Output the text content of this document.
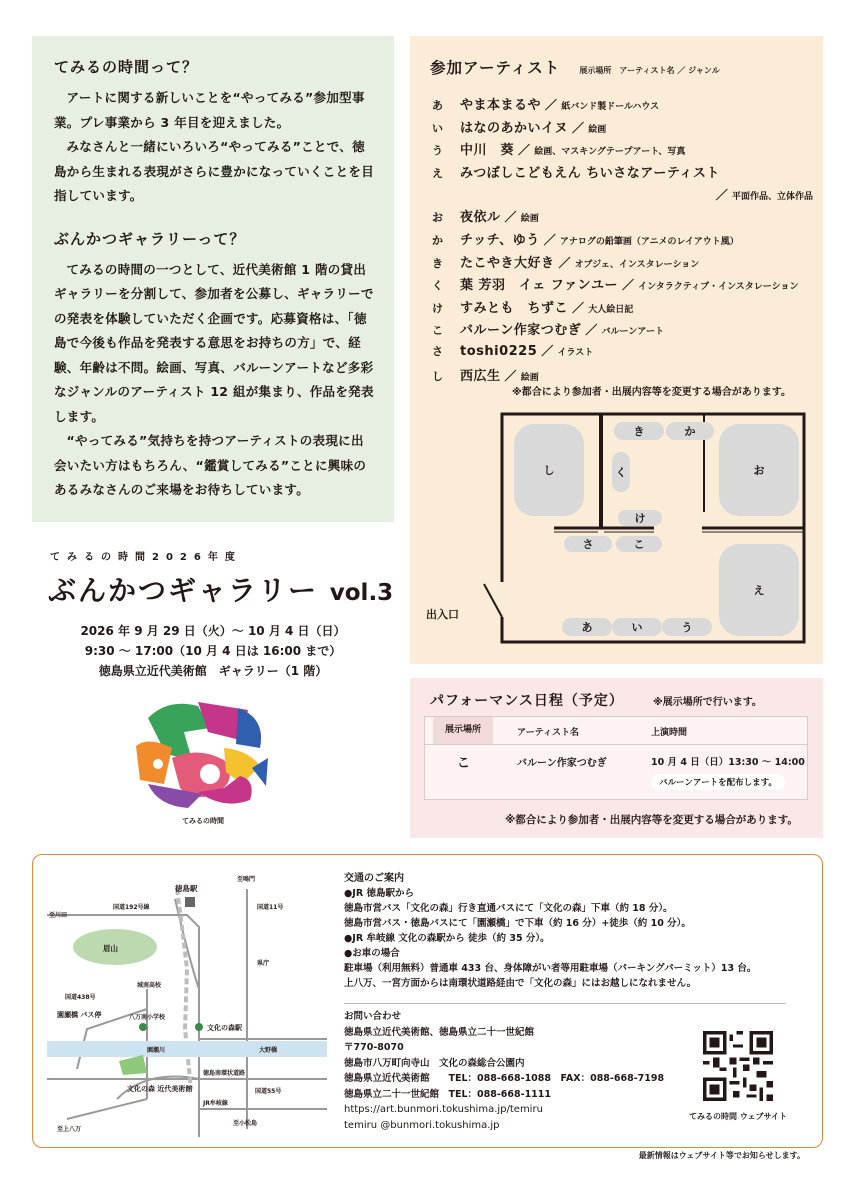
てみるの時間って？

アートに関する新しいことを“やってみる”参加型事業。プレ事業から 3 年目を迎えました。

みなさんと一緒にいろいろ“やってみる”ことで、徳島から生まれる表現がさらに豊かになっていくことを目指しています。

ぶんかつギャラリーって？

てみるの時間の一つとして、近代美術館 1 階の貸出ギャラリーを分割して、参加者を公募し、ギャラリーでの発表を体験していただく企画です。応募資格は、「徳島で今後も作品を発表する意思をお持ちの方」で、経験、年齢は不問。絵画、写真、バルーンアートなど多彩なジャンルのアーティスト 12 組が集まり、作品を発表します。

“やってみる”気持ちを持つアーティストの表現に出会いたい方はもちろん、“鑑賞してみる”ことに興味のあるみなさんのご来場をお待ちしています。

参加アーティスト 展示場所　アーティスト名 ／ ジャンル
あ	やま本まるや	／ 紙バンド製ドールハウス
い	はなのあかいイヌ	／ 絵画
う	中川　葵	／ 絵画、マスキングテープアート、写真
え	みつぼしこどもえん ちいさなアーティスト
／ 平面作品、立体作品
お	夜依ル	／ 絵画
か	チッチ、ゆう	／ アナログの鉛筆画（アニメのレイアウト風）
き	たこやき大好き	／ オブジェ、インスタレーション
く	葉 芳羽　イェ ファンユー	／ インタラクティブ・インスタレーション
け	すみとも　ちずこ	／ 大人絵日記
こ	バルーン作家つむぎ	／ バルーンアート
さ	toshi0225	／ イラスト
し	西広生	／ 絵画
※都合により参加者・出展内容等を変更する場合があります。
し	お
え
き	か
く
け
さ	こ
あ	い	う
出入口
てみるの時間2026年度
ぶんかつギャラリー vol.3
2026 年 9 月 29 日（火）〜 10 月 4 日（日）
9:30 〜 17:00（10 月 4 日は 16:00 まで）
徳島県立近代美術館　ギャラリー（1 階）
てみるの時間
パフォーマンス日程（予定）	※展示場所で行います。
展示場所	アーティスト名	上演時間
こ	バルーン作家つむぎ	10 月 4 日（日）13:30 〜 14:00
バルーンアートを配布します。
※都合により参加者・出展内容等を変更する場合があります。
徳島駅
眉山
国道192号線	国道11号
国道438号
国道55号
至鳴門
至川田
至上八万
至小松島
県庁
城南高校
八万南小学校
文化の森駅
園瀬橋 バス停
園瀬川	大野橋
徳島南環状道路
JR牟岐線
文化の森 近代美術館
交通のご案内
●JR 徳島駅から
徳島市営バス「文化の森」行き直通バスにて「文化の森」下車（約 18 分）。
徳島市営バス・徳島バスにて「園瀬橋」で下車（約 16 分）+徒歩（約 10 分）。
●JR 牟岐線 文化の森駅から 徒歩（約 35 分）。
●お車の場合
駐車場（利用無料）普通車 433 台、身体障がい者等用駐車場（パーキングパーミット）13 台。
上八万、一宮方面からは南環状道路経由で「文化の森」にはお越しになれません。
お問い合わせ
徳島県立近代美術館、徳島県立二十一世紀館
〒770-8070
徳島市八万町向寺山　文化の森総合公園内
徳島県立近代美術館　　TEL：088-668-1088　FAX：088-668-7198
徳島県立二十一世紀館　TEL：088-668-1111
https://art.bunmori.tokushima.jp/temiru
temiru @bunmori.tokushima.jp
てみるの時間 ウェブサイト
最新情報はウェブサイト等でお知らせします。
